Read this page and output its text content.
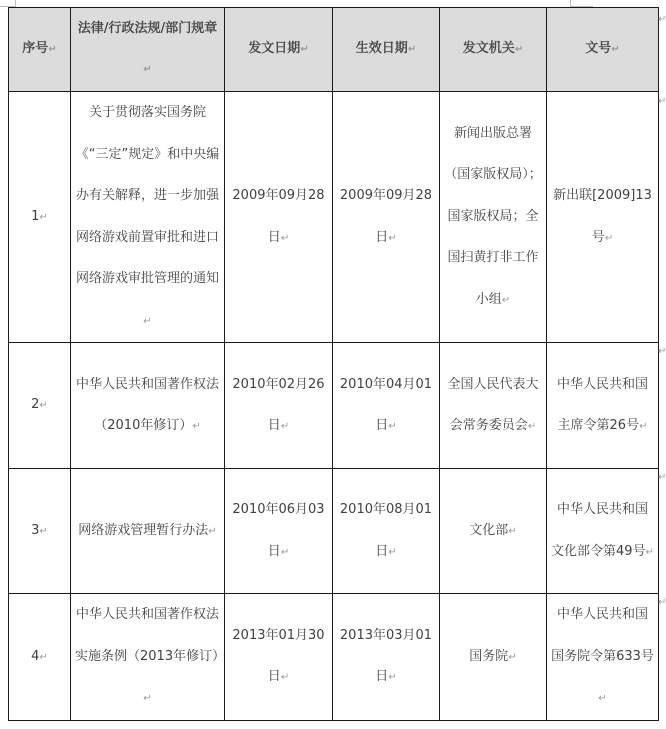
序号↵	法律/行政法规/部门规章↵	发文日期↵	生效日期↵	发文机关↵	文号↵
1↵	关于贯彻落实国务院《“三定”规定》和中央编办有关解释，进一步加强网络游戏前置审批和进口网络游戏审批管理的通知↵	2009年09月28日↵	2009年09月28日↵	新闻出版总署（国家版权局）；国家版权局；全国扫黄打非工作小组↵	新出联[2009]13号↵
2↵	中华人民共和国著作权法（2010年修订）↵	2010年02月26日↵	2010年04月01日↵	全国人民代表大会常务委员会↵	中华人民共和国主席令第26号↵
3↵	网络游戏管理暂行办法↵	2010年06月03日↵	2010年08月01日↵	文化部↵	中华人民共和国文化部令第49号↵
4↵	中华人民共和国著作权法实施条例（2013年修订）↵	2013年01月30日↵	2013年03月01日↵	国务院↵	中华人民共和国国务院令第633号↵
↵
↵
↵
↵
↵
